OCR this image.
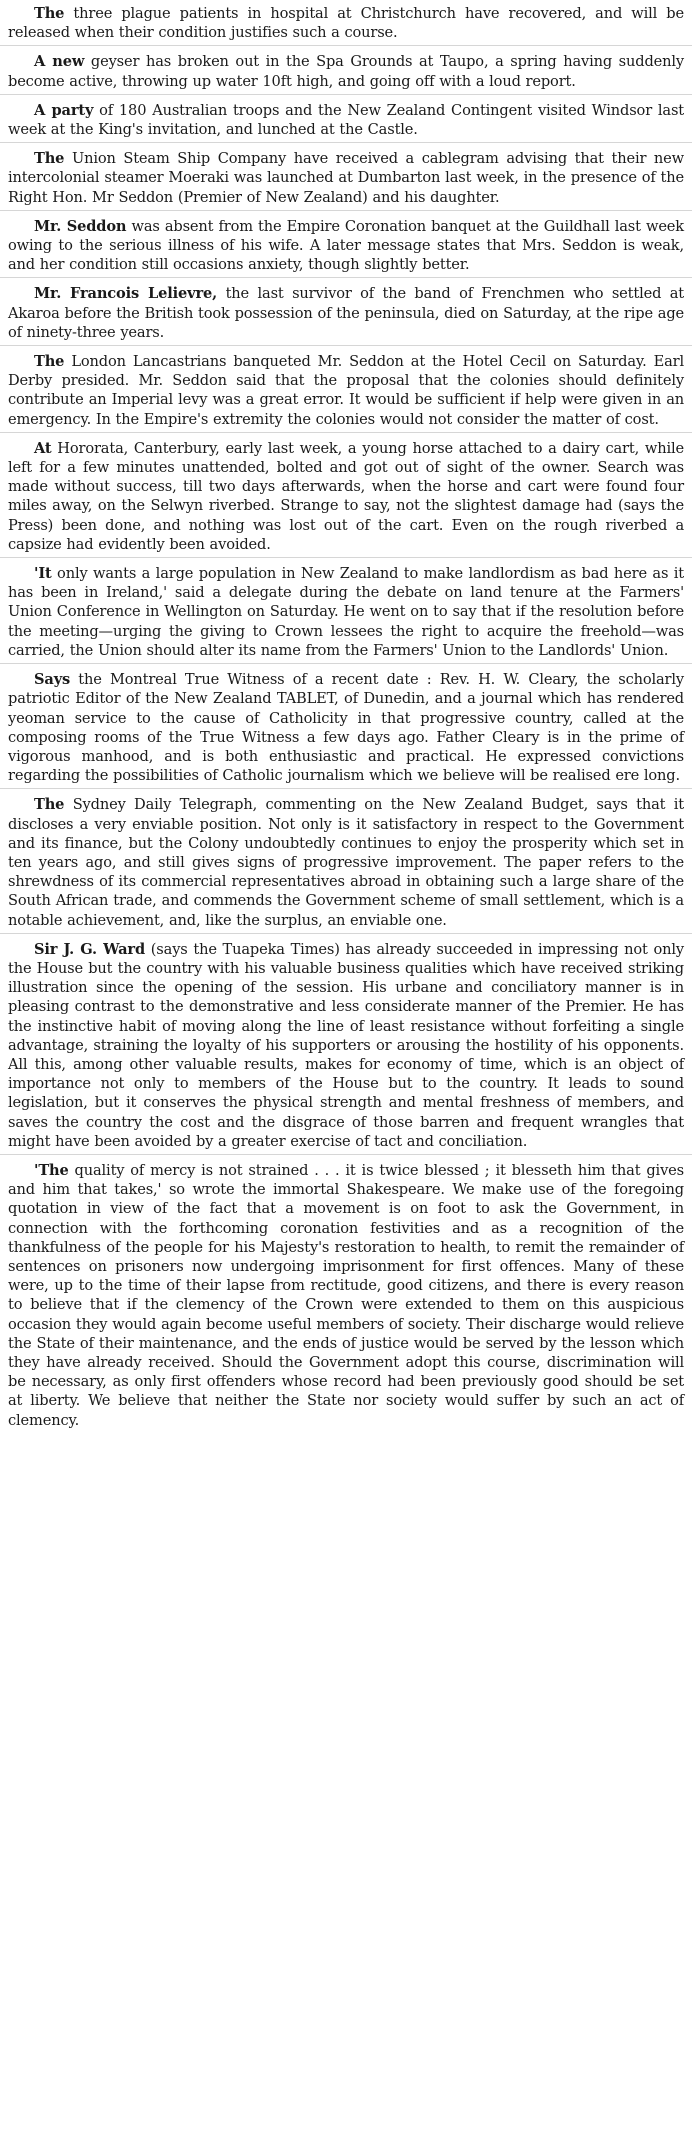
The three plague patients in hospital at Christchurch have recovered, and will be released when their condition justifies such a course.

A new geyser has broken out in the Spa Grounds at Taupo, a spring having suddenly become active, throwing up water 10ft high, and going off with a loud report.

A party of 180 Australian troops and the New Zealand Contingent visited Windsor last week at the King's invitation, and lunched at the Castle.

The Union Steam Ship Company have received a cablegram advising that their new intercolonial steamer Moeraki was launched at Dumbarton last week, in the presence of the Right Hon. Mr Seddon (Premier of New Zealand) and his daughter.

Mr. Seddon was absent from the Empire Coronation banquet at the Guildhall last week owing to the serious illness of his wife. A later message states that Mrs. Seddon is weak, and her condition still occasions anxiety, though slightly better.

Mr. Francois Lelievre, the last survivor of the band of Frenchmen who settled at Akaroa before the British took possession of the peninsula, died on Saturday, at the ripe age of ninety-three years.

The London Lancastrians banqueted Mr. Seddon at the Hotel Cecil on Saturday. Earl Derby presided. Mr. Seddon said that the proposal that the colonies should definitely contribute an Imperial levy was a great error. It would be sufficient if help were given in an emergency. In the Empire's extremity the colonies would not consider the matter of cost.

At Hororata, Canterbury, early last week, a young horse attached to a dairy cart, while left for a few minutes unattended, bolted and got out of sight of the owner. Search was made without success, till two days afterwards, when the horse and cart were found four miles away, on the Selwyn riverbed. Strange to say, not the slightest damage had (says the Press) been done, and nothing was lost out of the cart. Even on the rough riverbed a capsize had evidently been avoided.

'It only wants a large population in New Zealand to make landlordism as bad here as it has been in Ireland,' said a delegate during the debate on land tenure at the Farmers' Union Conference in Wellington on Saturday. He went on to say that if the resolution before the meeting—urging the giving to Crown lessees the right to acquire the freehold—was carried, the Union should alter its name from the Farmers' Union to the Landlords' Union.

Says the Montreal True Witness of a recent date : Rev. H. W. Cleary, the scholarly patriotic Editor of the New Zealand TABLET, of Dunedin, and a journal which has rendered yeoman service to the cause of Catholicity in that progressive country, called at the composing rooms of the True Witness a few days ago. Father Cleary is in the prime of vigorous manhood, and is both enthusiastic and practical. He expressed convictions regarding the possibilities of Catholic journalism which we believe will be realised ere long.

The Sydney Daily Telegraph, commenting on the New Zealand Budget, says that it discloses a very enviable position. Not only is it satisfactory in respect to the Government and its finance, but the Colony undoubtedly continues to enjoy the prosperity which set in ten years ago, and still gives signs of progressive improvement. The paper refers to the shrewdness of its commercial representatives abroad in obtaining such a large share of the South African trade, and commends the Government scheme of small settlement, which is a notable achievement, and, like the surplus, an enviable one.

Sir J. G. Ward (says the Tuapeka Times) has already succeeded in impressing not only the House but the country with his valuable business qualities which have received striking illustration since the opening of the session. His urbane and conciliatory manner is in pleasing contrast to the demonstrative and less considerate manner of the Premier. He has the instinctive habit of moving along the line of least resistance without forfeiting a single advantage, straining the loyalty of his supporters or arousing the hostility of his opponents. All this, among other valuable results, makes for economy of time, which is an object of importance not only to members of the House but to the country. It leads to sound legislation, but it conserves the physical strength and mental freshness of members, and saves the country the cost and the disgrace of those barren and frequent wrangles that might have been avoided by a greater exercise of tact and conciliation.

'The quality of mercy is not strained . . . it is twice blessed ; it blesseth him that gives and him that takes,' so wrote the immortal Shakespeare. We make use of the foregoing quotation in view of the fact that a movement is on foot to ask the Government, in connection with the forthcoming coronation festivities and as a recognition of the thankfulness of the people for his Majesty's restoration to health, to remit the remainder of sentences on prisoners now undergoing imprisonment for first offences. Many of these were, up to the time of their lapse from rectitude, good citizens, and there is every reason to believe that if the clemency of the Crown were extended to them on this auspicious occasion they would again become useful members of society. Their discharge would relieve the State of their maintenance, and the ends of justice would be served by the lesson which they have already received. Should the Government adopt this course, discrimination will be necessary, as only first offenders whose record had been previously good should be set at liberty. We believe that neither the State nor society would suffer by such an act of clemency.
